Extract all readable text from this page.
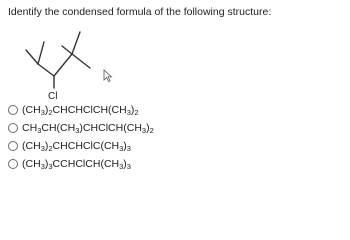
Identify the condensed formula of the following structure:
Cl
$(CH_3)_2CHCHClCH(CH_3)_2$
$CH_3CH(CH_3)CHClCH(CH_3)_2$
$(CH_3)_2CHCHClC(CH_3)_3$
$(CH_3)_3CCHClCH(CH_3)_3$
